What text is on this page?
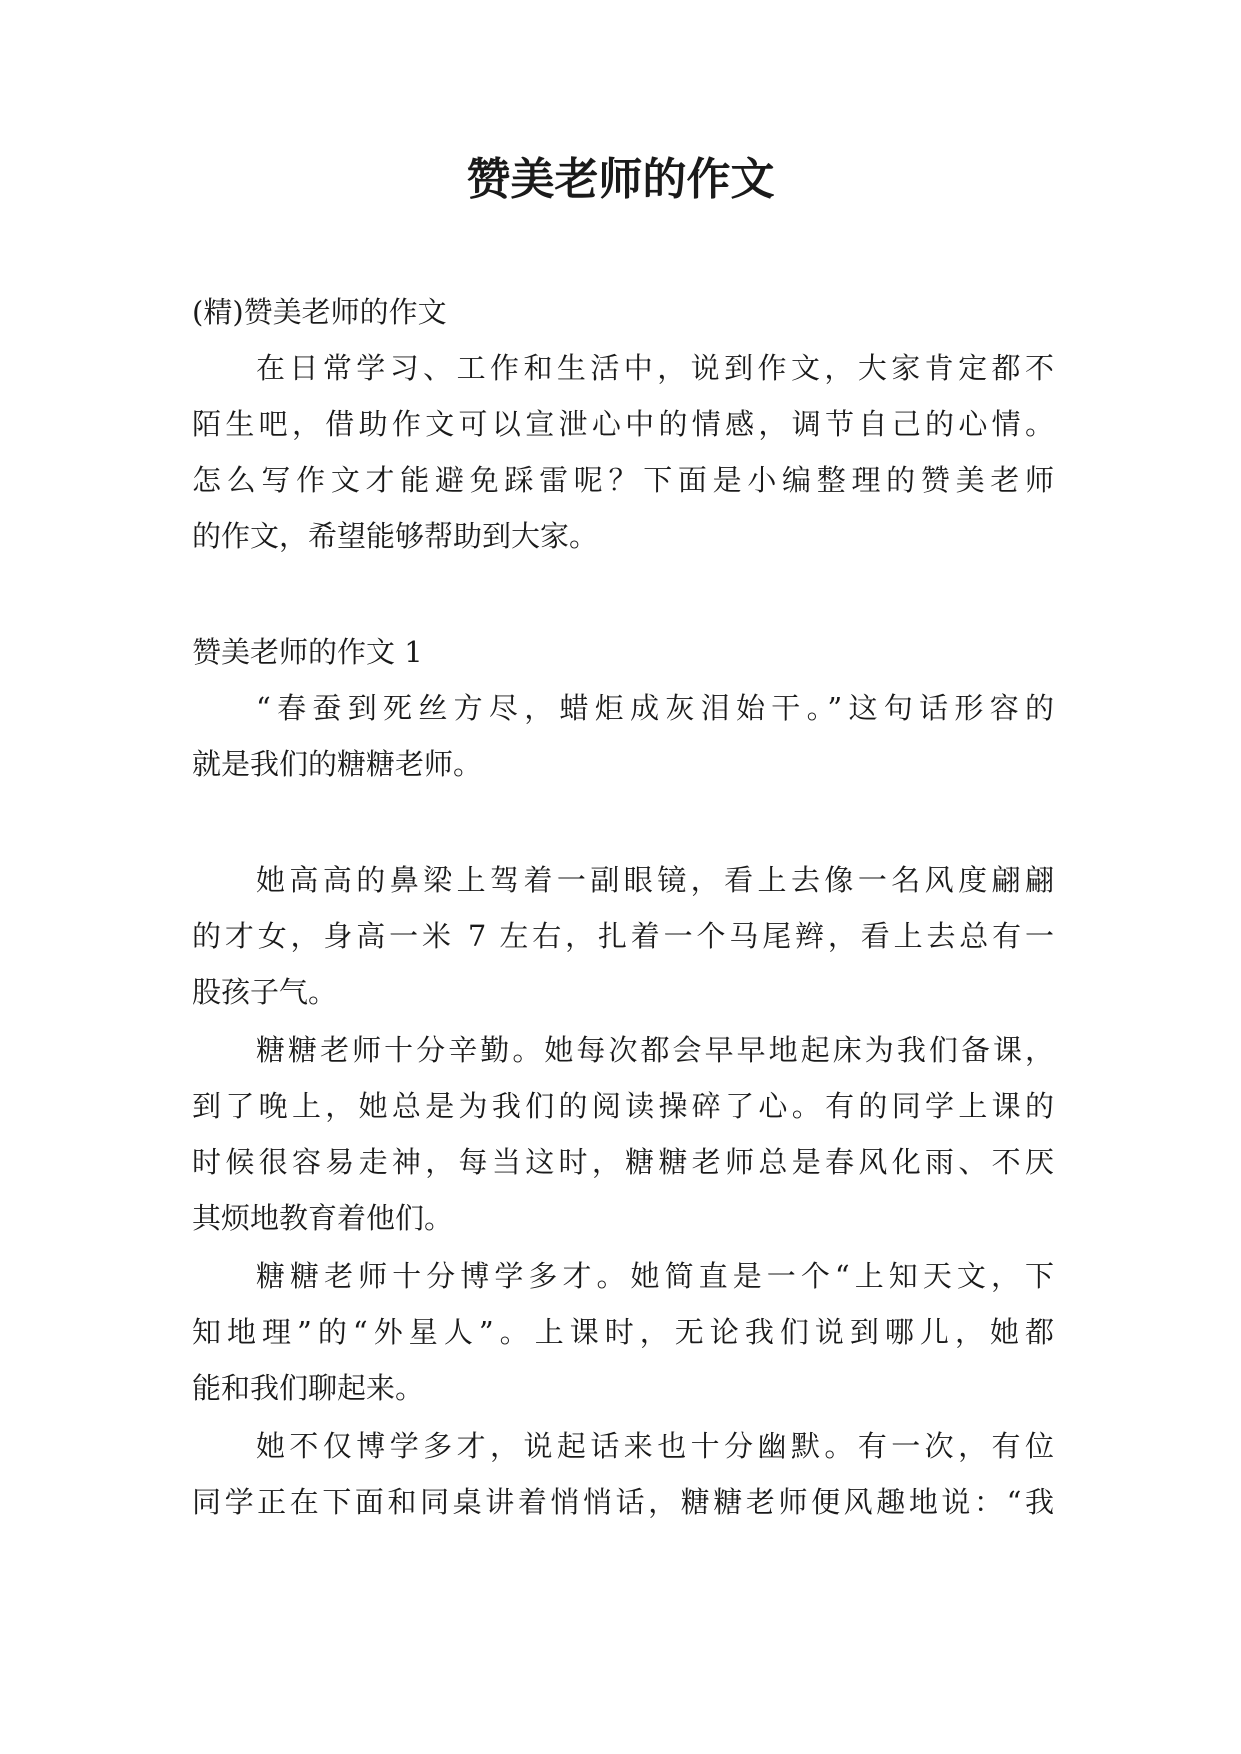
赞美老师的作文

(精)赞美老师的作文

在日常学习、工作和生活中，说到作文，大家肯定都不

陌生吧，借助作文可以宣泄心中的情感，调节自己的心情。

怎么写作文才能避免踩雷呢？下面是小编整理的赞美老师

的作文，希望能够帮助到大家。

赞美老师的作文 1

“春蚕到死丝方尽，蜡炬成灰泪始干。”这句话形容的

就是我们的糖糖老师。

她高高的鼻梁上驾着一副眼镜，看上去像一名风度翩翩

的才女，身高一米 7 左右，扎着一个马尾辫，看上去总有一

股孩子气。

糖糖老师十分辛勤。她每次都会早早地起床为我们备课，

到了晚上，她总是为我们的阅读操碎了心。有的同学上课的

时候很容易走神，每当这时，糖糖老师总是春风化雨、不厌

其烦地教育着他们。

糖糖老师十分博学多才。她简直是一个“上知天文，下

知地理”的“外星人”。上课时，无论我们说到哪儿，她都

能和我们聊起来。

她不仅博学多才，说起话来也十分幽默。有一次，有位

同学正在下面和同桌讲着悄悄话，糖糖老师便风趣地说：“我
